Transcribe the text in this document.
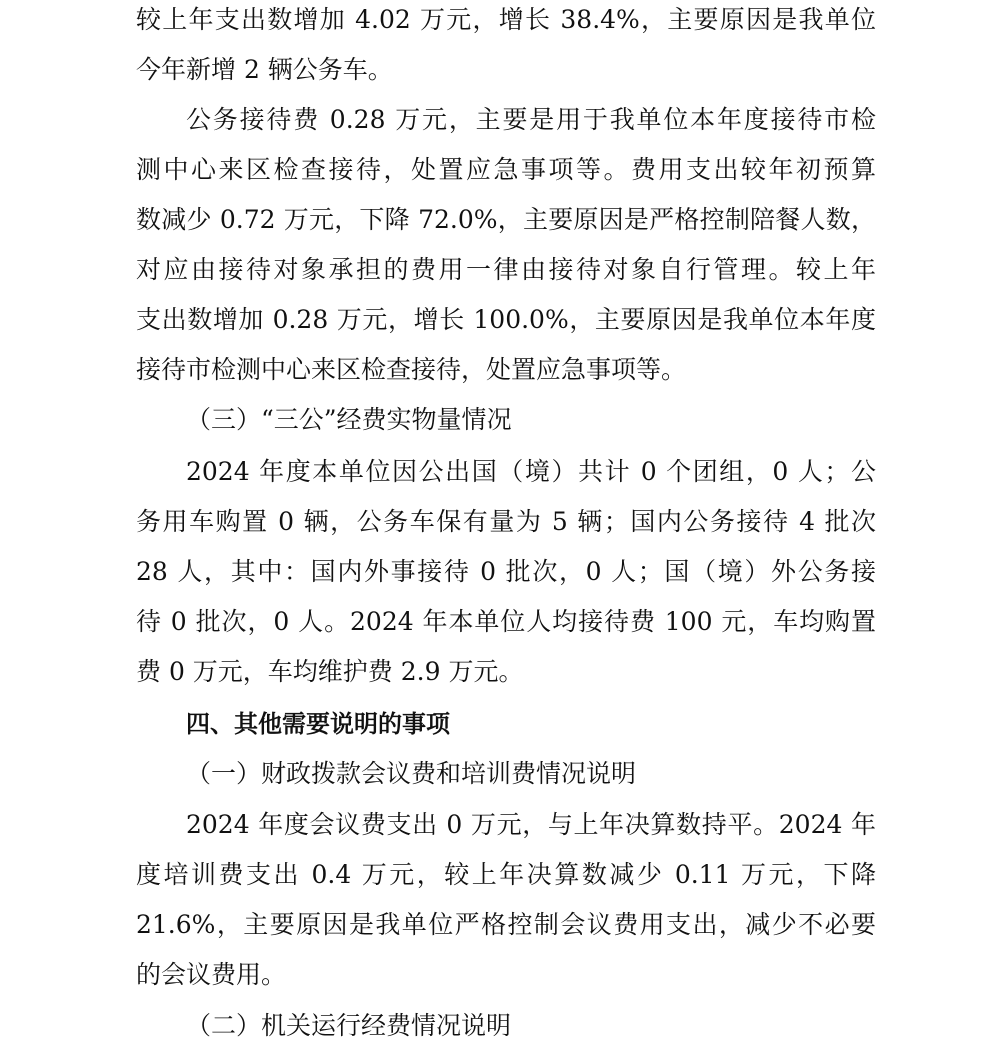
较上年支出数增加 4.02 万元，增长 38.4%，主要原因是我单位
今年新增 2 辆公务车。
公务接待费 0.28 万元，主要是用于我单位本年度接待市检
测中心来区检查接待，处置应急事项等。费用支出较年初预算
数减少 0.72 万元，下降 72.0%，主要原因是严格控制陪餐人数，
对应由接待对象承担的费用一律由接待对象自行管理。较上年
支出数增加 0.28 万元，增长 100.0%，主要原因是我单位本年度
接待市检测中心来区检查接待，处置应急事项等。
（三）“三公”经费实物量情况
2024 年度本单位因公出国（境）共计 0 个团组，0 人；公
务用车购置 0 辆，公务车保有量为 5 辆；国内公务接待 4 批次
28 人，其中：国内外事接待 0 批次，0 人；国（境）外公务接
待 0 批次，0 人。2024 年本单位人均接待费 100 元，车均购置
费 0 万元，车均维护费 2.9 万元。
四、其他需要说明的事项
（一）财政拨款会议费和培训费情况说明
2024 年度会议费支出 0 万元，与上年决算数持平。2024 年
度培训费支出 0.4 万元，较上年决算数减少 0.11 万元，下降
21.6%，主要原因是我单位严格控制会议费用支出，减少不必要
的会议费用。
（二）机关运行经费情况说明
